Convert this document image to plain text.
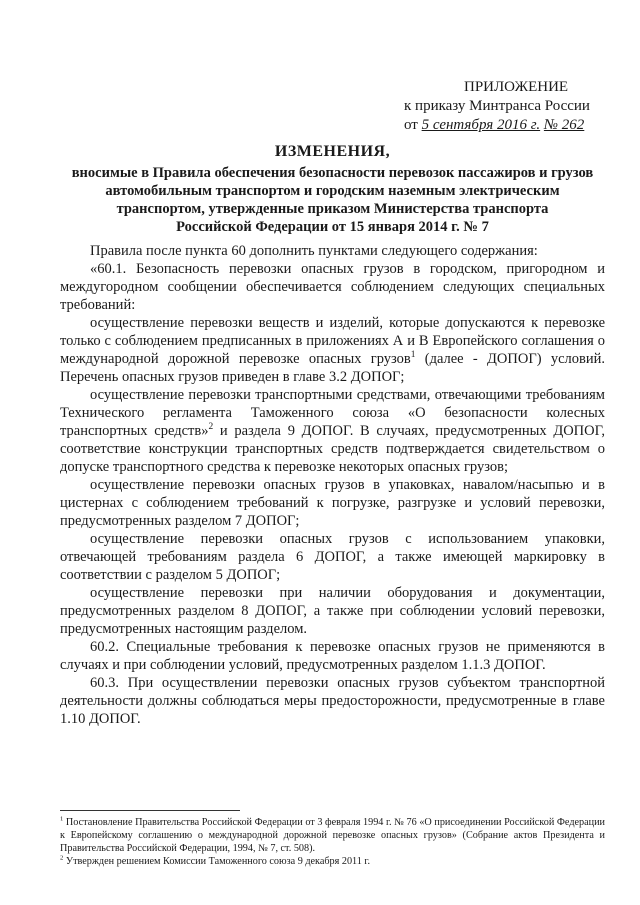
ПРИЛОЖЕНИЕ
к приказу Минтранса России
от 5 сентября 2016 г. № 262
ИЗМЕНЕНИЯ,
вносимые в Правила обеспечения безопасности перевозок пассажиров и грузов
автомобильным транспортом и городским наземным электрическим
транспортом, утвержденные приказом Министерства транспорта
Российской Федерации от 15 января 2014 г. № 7

Правила после пункта 60 дополнить пунктами следующего содержания:

«60.1. Безопасность перевозки опасных грузов в городском, пригородном и междугородном сообщении обеспечивается соблюдением следующих специальных требований:

осуществление перевозки веществ и изделий, которые допускаются к перевозке только с соблюдением предписанных в приложениях А и В Европейского соглашения о международной дорожной перевозке опасных грузов$^1$ (далее - ДОПОГ) условий. Перечень опасных грузов приведен в главе 3.2 ДОПОГ;

осуществление перевозки транспортными средствами, отвечающими требованиям Технического регламента Таможенного союза «О безопасности колесных транспортных средств»$^2$ и раздела 9 ДОПОГ. В случаях, предусмотренных ДОПОГ, соответствие конструкции транспортных средств подтверждается свидетельством о допуске транспортного средства к перевозке некоторых опасных грузов;

осуществление перевозки опасных грузов в упаковках, навалом/насыпью и в цистернах с соблюдением требований к погрузке, разгрузке и условий перевозки, предусмотренных разделом 7 ДОПОГ;

осуществление перевозки опасных грузов с использованием упаковки, отвечающей требованиям раздела 6 ДОПОГ, а также имеющей маркировку в соответствии с разделом 5 ДОПОГ;

осуществление перевозки при наличии оборудования и документации, предусмотренных разделом 8 ДОПОГ, а также при соблюдении условий перевозки, предусмотренных настоящим разделом.

60.2. Специальные требования к перевозке опасных грузов не применяются в случаях и при соблюдении условий, предусмотренных разделом 1.1.3 ДОПОГ.

60.3. При осуществлении перевозки опасных грузов субъектом транспортной деятельности должны соблюдаться меры предосторожности, предусмотренные в главе 1.10 ДОПОГ.

$^1$ Постановление Правительства Российской Федерации от 3 февраля 1994 г. № 76 «О присоединении Российской Федерации к Европейскому соглашению о международной дорожной перевозке опасных грузов» (Собрание актов Президента и Правительства Российской Федерации, 1994, № 7, ст. 508).

$^2$ Утвержден решением Комиссии Таможенного союза 9 декабря 2011 г.
